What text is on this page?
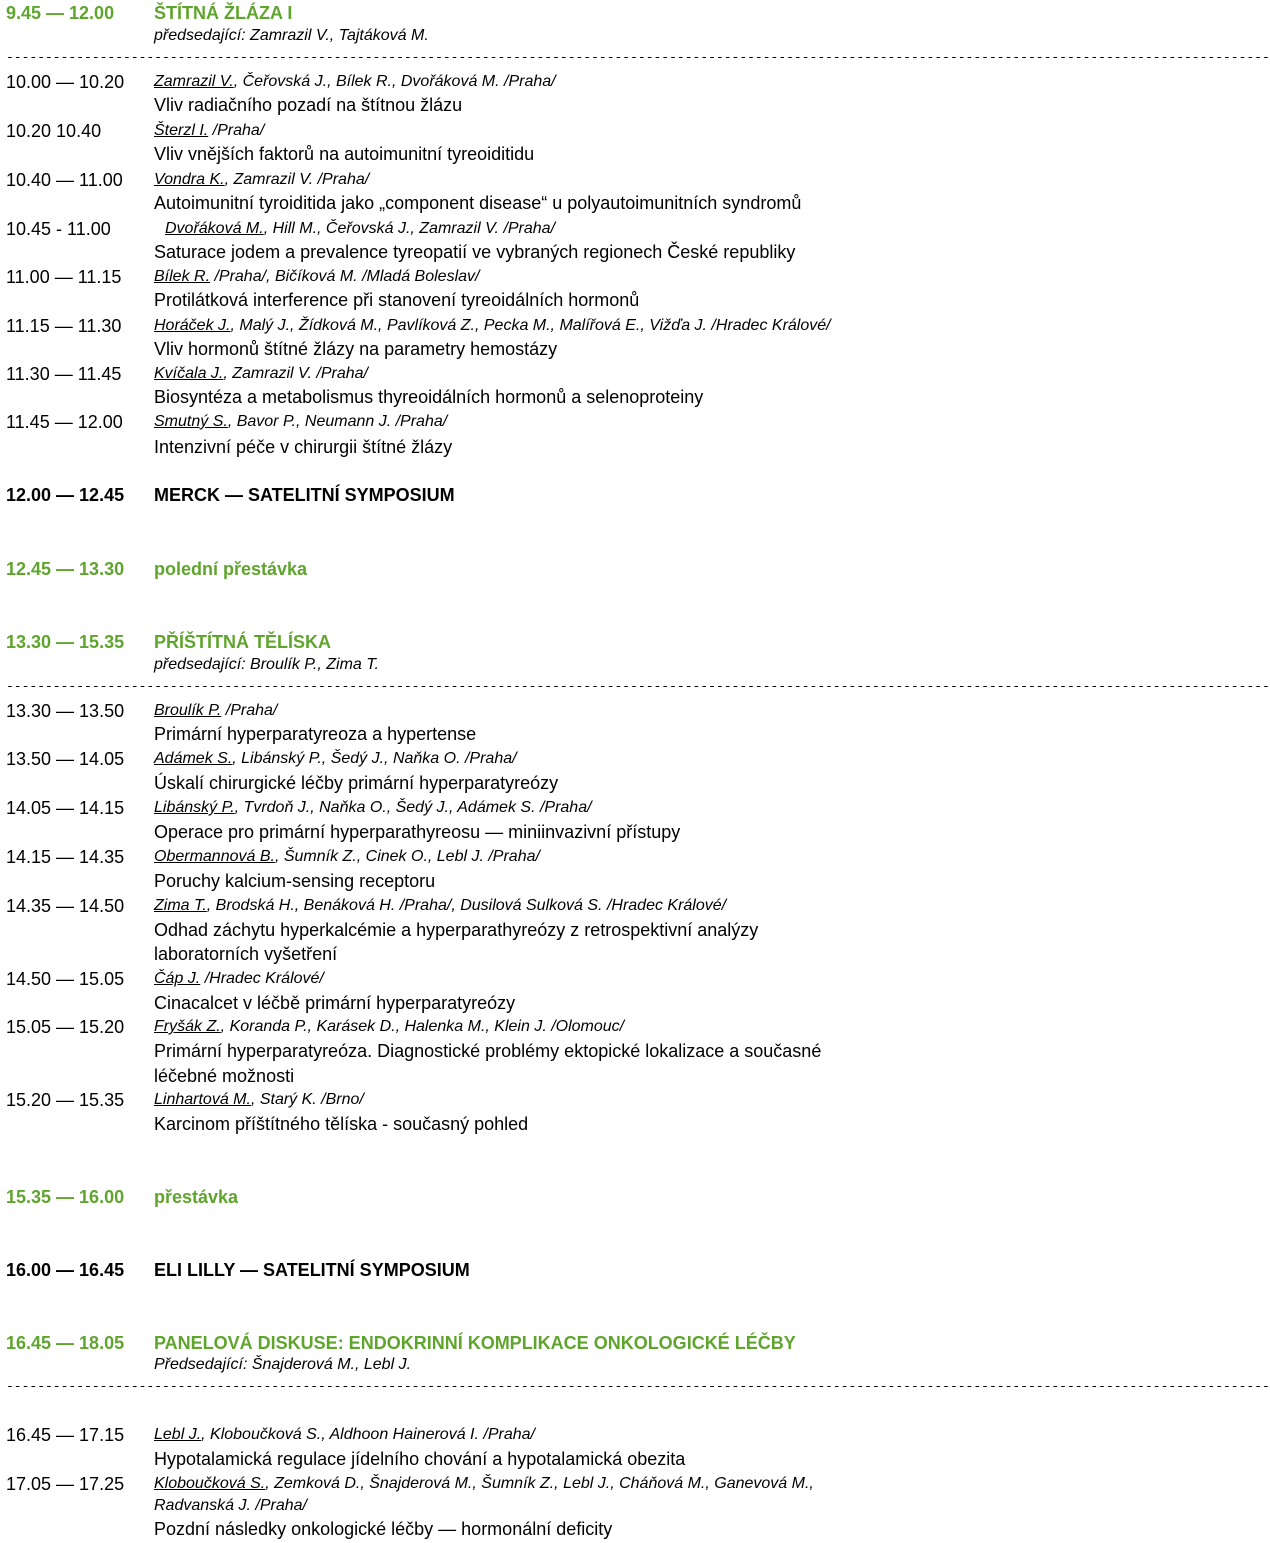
9.45 — 12.00 ŠTÍTNÁ ŽLÁZA I
předsedající: Zamrazil V., Tajtáková M.
------------------------------------------------------------------------------------------------------------------------------------------------------------------
10.00 — 10.20 Zamrazil V., Čeřovská J., Bílek R., Dvořáková M. /Praha/
Vliv radiačního pozadí na štítnou žlázu
10.20 10.40	Šterzl I. /Praha/
Vliv vnějších faktorů na autoimunitní tyreoiditidu
10.40 — 11.00 Vondra K., Zamrazil V. /Praha/
Autoimunitní tyroiditida jako „component disease“ u polyautoimunitních syndromů
10.45 - 11.00	Dvořáková M., Hill M., Čeřovská J., Zamrazil V. /Praha/
Saturace jodem a prevalence tyreopatií ve vybraných regionech České republiky
11.00 — 11.15 Bílek R. /Praha/, Bičíková M. /Mladá Boleslav/
Protilátková interference při stanovení tyreoidálních hormonů
11.15 — 11.30 Horáček J., Malý J., Žídková M., Pavlíková Z., Pecka M., Malířová E., Vižďa J. /Hradec Králové/
Vliv hormonů štítné žlázy na parametry hemostázy
11.30 — 11.45 Kvíčala J., Zamrazil V. /Praha/
Biosyntéza a metabolismus thyreoidálních hormonů a selenoproteiny
11.45 — 12.00 Smutný S., Bavor P., Neumann J. /Praha/
Intenzivní péče v chirurgii štítné žlázy
12.00 — 12.45 MERCK — SATELITNÍ SYMPOSIUM
12.45 — 13.30 polední přestávka
13.30 — 15.35 PŘÍŠTÍTNÁ TĚLÍSKA
předsedající: Broulík P., Zima T.
------------------------------------------------------------------------------------------------------------------------------------------------------------------
13.30 — 13.50 Broulík P. /Praha/
Primární hyperparatyreoza a hypertense
13.50 — 14.05 Adámek S., Libánský P., Šedý J., Naňka O. /Praha/
Úskalí chirurgické léčby primární hyperparatyreózy
14.05 — 14.15 Libánský P., Tvrdoň J., Naňka O., Šedý J., Adámek S. /Praha/
Operace pro primární hyperparathyreosu — miniinvazivní přístupy
14.15 — 14.35 Obermannová B., Šumník Z., Cinek O., Lebl J. /Praha/
Poruchy kalcium-sensing receptoru
14.35 — 14.50 Zima T., Brodská H., Benáková H. /Praha/, Dusilová Sulková S. /Hradec Králové/
Odhad záchytu hyperkalcémie a hyperparathyreózy z retrospektivní analýzy
laboratorních vyšetření
14.50 — 15.05 Čáp J. /Hradec Králové/
Cinacalcet v léčbě primární hyperparatyreózy
15.05 — 15.20 Fryšák Z., Koranda P., Karásek D., Halenka M., Klein J. /Olomouc/
Primární hyperparatyreóza. Diagnostické problémy ektopické lokalizace a současné
léčebné možnosti
15.20 — 15.35 Linhartová M., Starý K. /Brno/
Karcinom příštítného tělíska - současný pohled
15.35 — 16.00 přestávka
16.00 — 16.45 ELI LILLY — SATELITNÍ SYMPOSIUM
16.45 — 18.05 PANELOVÁ DISKUSE: ENDOKRINNÍ KOMPLIKACE ONKOLOGICKÉ LÉČBY
Předsedající: Šnajderová M., Lebl J.
------------------------------------------------------------------------------------------------------------------------------------------------------------------
16.45 — 17.15 Lebl J., Kloboučková S., Aldhoon Hainerová I. /Praha/
Hypotalamická regulace jídelního chování a hypotalamická obezita
17.05 — 17.25 Kloboučková S., Zemková D., Šnajderová M., Šumník Z., Lebl J., Cháňová M., Ganevová M.,
Radvanská J. /Praha/
Pozdní následky onkologické léčby — hormonální deficity
